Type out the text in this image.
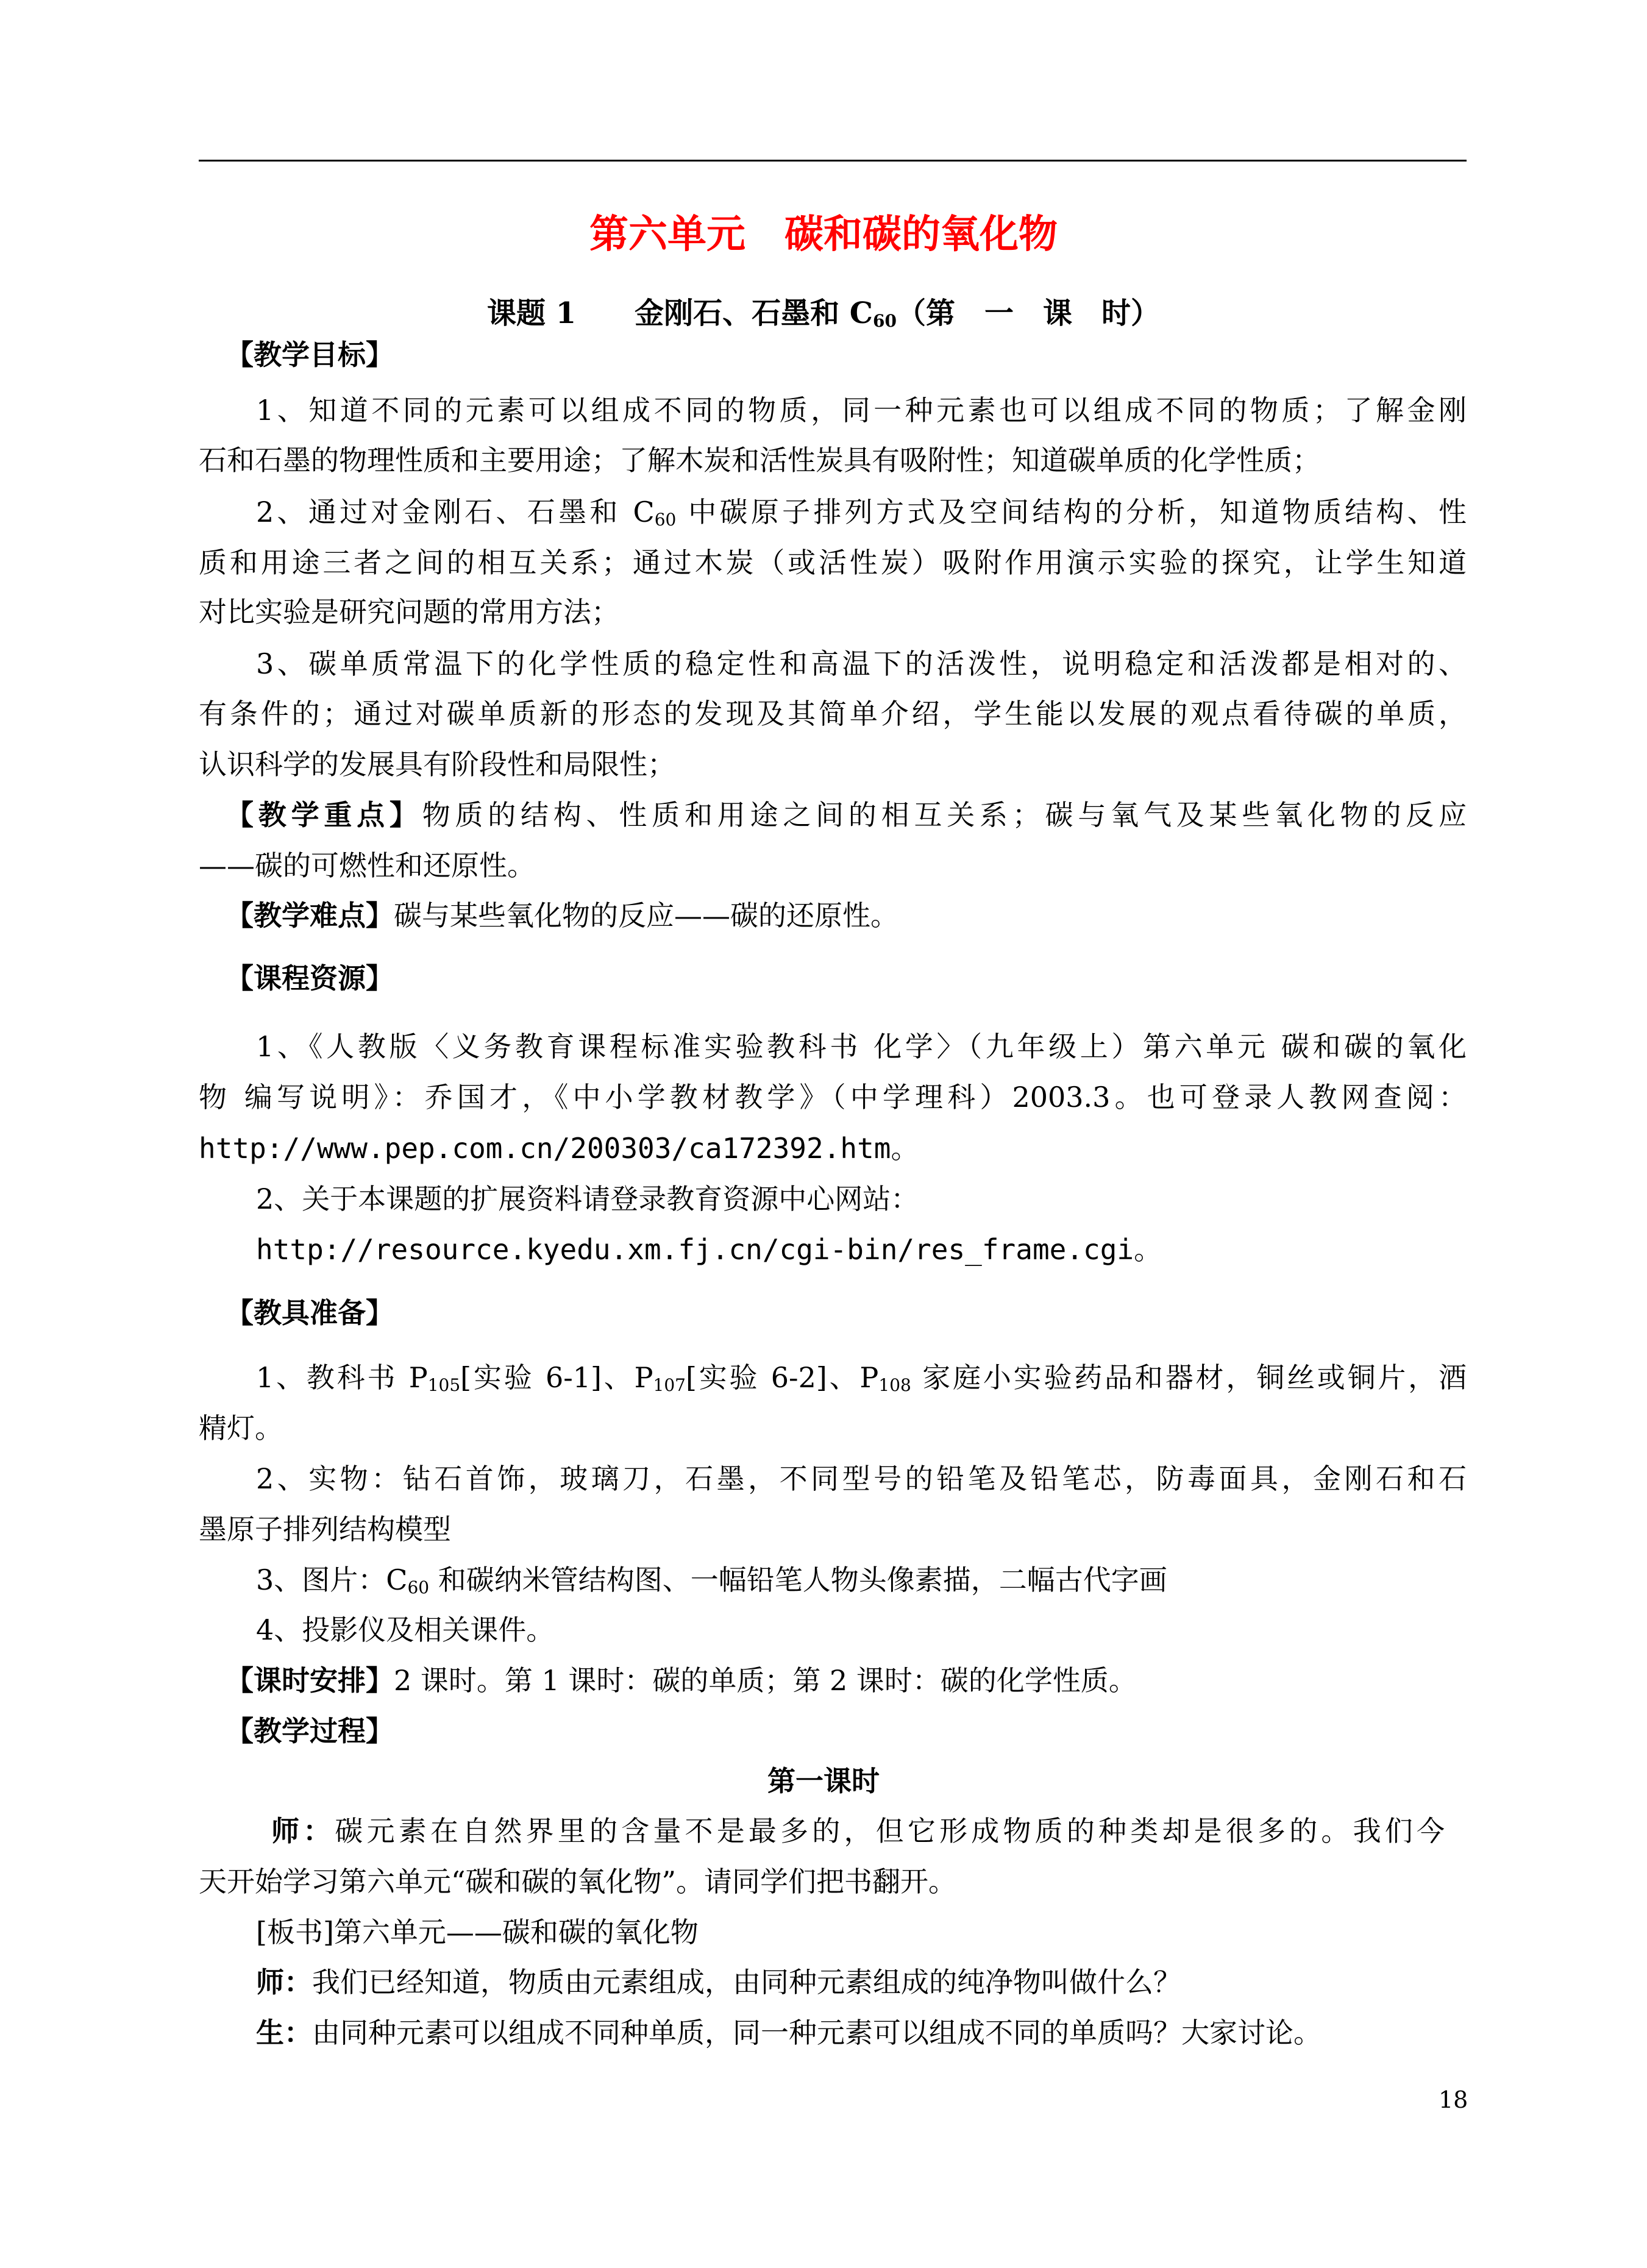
第六单元　碳和碳的氧化物
课题 1　　金刚石、石墨和 $C_{60}$（第　一　课　时）
【教学目标】
1、知道不同的元素可以组成不同的物质，同一种元素也可以组成不同的物质；了解金刚
石和石墨的物理性质和主要用途；了解木炭和活性炭具有吸附性；知道碳单质的化学性质；
2、通过对金刚石、石墨和 $C_{60}$ 中碳原子排列方式及空间结构的分析，知道物质结构、性
质和用途三者之间的相互关系；通过木炭（或活性炭）吸附作用演示实验的探究，让学生知道
对比实验是研究问题的常用方法；
3、碳单质常温下的化学性质的稳定性和高温下的活泼性，说明稳定和活泼都是相对的、
有条件的；通过对碳单质新的形态的发现及其简单介绍，学生能以发展的观点看待碳的单质，
认识科学的发展具有阶段性和局限性；
【教学重点】物质的结构、性质和用途之间的相互关系；碳与氧气及某些氧化物的反应
——碳的可燃性和还原性。
【教学难点】碳与某些氧化物的反应——碳的还原性。
【课程资源】
1、《人教版〈义务教育课程标准实验教科书 化学〉（九年级上）第六单元 碳和碳的氧化
物 编写说明》：乔国才，《中小学教材教学》（中学理科）2003.3。也可登录人教网查阅：
http://www.pep.com.cn/200303/ca172392.htm。
2、关于本课题的扩展资料请登录教育资源中心网站：
http://resource.kyedu.xm.fj.cn/cgi-bin/res_frame.cgi。
【教具准备】
1、教科书 $P_{105}$[实验 6-1]、$P_{107}$[实验 6-2]、$P_{108}$ 家庭小实验药品和器材，铜丝或铜片，酒
精灯。
2、实物：钻石首饰，玻璃刀，石墨，不同型号的铅笔及铅笔芯，防毒面具，金刚石和石
墨原子排列结构模型
3、图片：$C_{60}$ 和碳纳米管结构图、一幅铅笔人物头像素描，二幅古代字画
4、投影仪及相关课件。
【课时安排】2 课时。第 1 课时：碳的单质；第 2 课时：碳的化学性质。
【教学过程】
第一课时
师：碳元素在自然界里的含量不是最多的，但它形成物质的种类却是很多的。我们今
天开始学习第六单元“碳和碳的氧化物”。请同学们把书翻开。
[板书]第六单元——碳和碳的氧化物
师：我们已经知道，物质由元素组成，由同种元素组成的纯净物叫做什么？
生：由同种元素可以组成不同种单质，同一种元素可以组成不同的单质吗？大家讨论。
18
